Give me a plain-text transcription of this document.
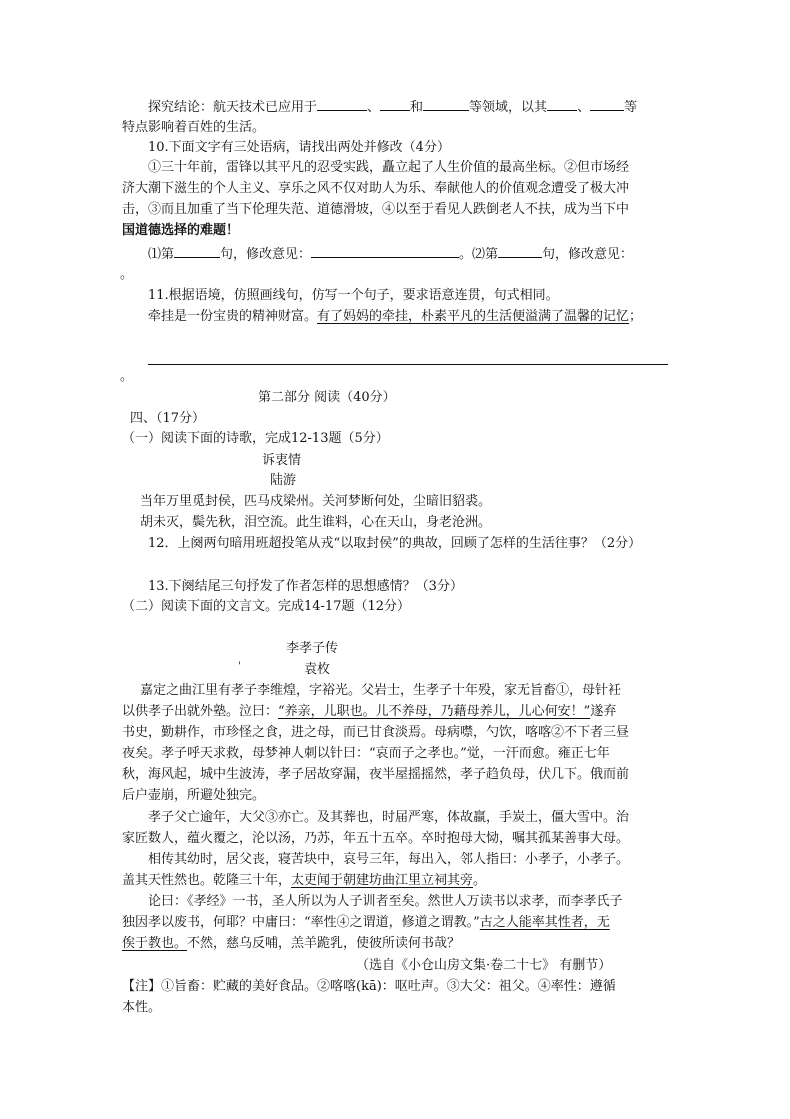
探究结论：航天技术已应用于	、 和	等领域，以其 、	等
特点影响着百姓的生活。
10.下面文字有三处语病，请找出两处并修改（4分）
①三十年前，雷锋以其平凡的忍受实践，矗立起了人生价值的最高坐标。②但市场经
济大潮下滋生的个人主义、享乐之风不仅对助人为乐、奉献他人的价值观念遭受了极大冲
击，③而且加重了当下伦理失范、道德滑坡，④以至于看见人跌倒老人不扶，成为当下中
国道德选择的难题！
⑴第	句，修改意见：	。⑵第	句，修改意见：
。
11.根据语境，仿照画线句，仿写一个句子，要求语意连贯，句式相同。
牵挂是一份宝贵的精神财富。有了妈妈的牵挂，朴素平凡的生活便溢满了温馨的记忆；
。
第二部分 阅读（40分）
四、（17分）
（一）阅读下面的诗歌，完成12-13题（5分）
诉衷情
陆游
当年万里觅封侯，匹马戍梁州。关河梦断何处，尘暗旧貂裘。
胡未灭，鬓先秋，泪空流。此生谁料，心在天山，身老沧洲。
12．上阕两句暗用班超投笔从戎“以取封侯”的典故，回顾了怎样的生活往事？（2分）
13.下阕结尾三句抒发了作者怎样的思想感情？（3分）
（二）阅读下面的文言文。完成14-17题（12分）
李孝子传
'	袁枚
嘉定之曲江里有孝子李维煌，字裕光。父岩士，生孝子十年殁，家无旨畜①，母针衽
以供孝子出就外塾。泣曰：“养亲，儿职也。儿不养母，乃藉母养儿，儿心何安！”遂弃
书史，勤耕作，市珍怪之食，进之母，而已甘食淡焉。母病噤，勺饮，喀喀②不下者三昼
夜矣。孝子呼天求救，母梦神人刺以针曰：“哀而子之孝也。”觉，一汗而愈。雍正七年
秋，海风起，城中生波涛，孝子居故穿漏，夜半屋摇摇然，孝子趋负母，伏几下。俄而前
后户壶崩，所避处独完。
孝子父亡逾年，大父③亦亡。及其葬也，时届严寒，体故羸，手炭土，僵大雪中。治
家匠数人，蕴火覆之，沦以汤，乃苏，年五十五卒。卒时抱母大恸，嘱其孤某善事大母。
相传其幼时，居父丧，寝苦块中，哀号三年，每出入，邻人指曰：小孝子，小孝子。
盖其天性然也。乾隆三十年，太吏闻于朝建坊曲江里立祠其旁。
论曰：《孝经》一书，圣人所以为人子训者至矣。然世人万读书以求孝，而李孝氏子
独因孝以废书，何耶？中庸曰：“率性④之谓道，修道之谓教。”古之人能率其性者，无
俟于教也。不然，慈乌反哺，羔羊跪乳，使彼所读何书哉？
（选自《小仓山房文集·卷二十七》 有删节）
【注】①旨畜：贮藏的美好食品。②喀喀(kā)：呕吐声。③大父：祖父。④率性：遵循
本性。
